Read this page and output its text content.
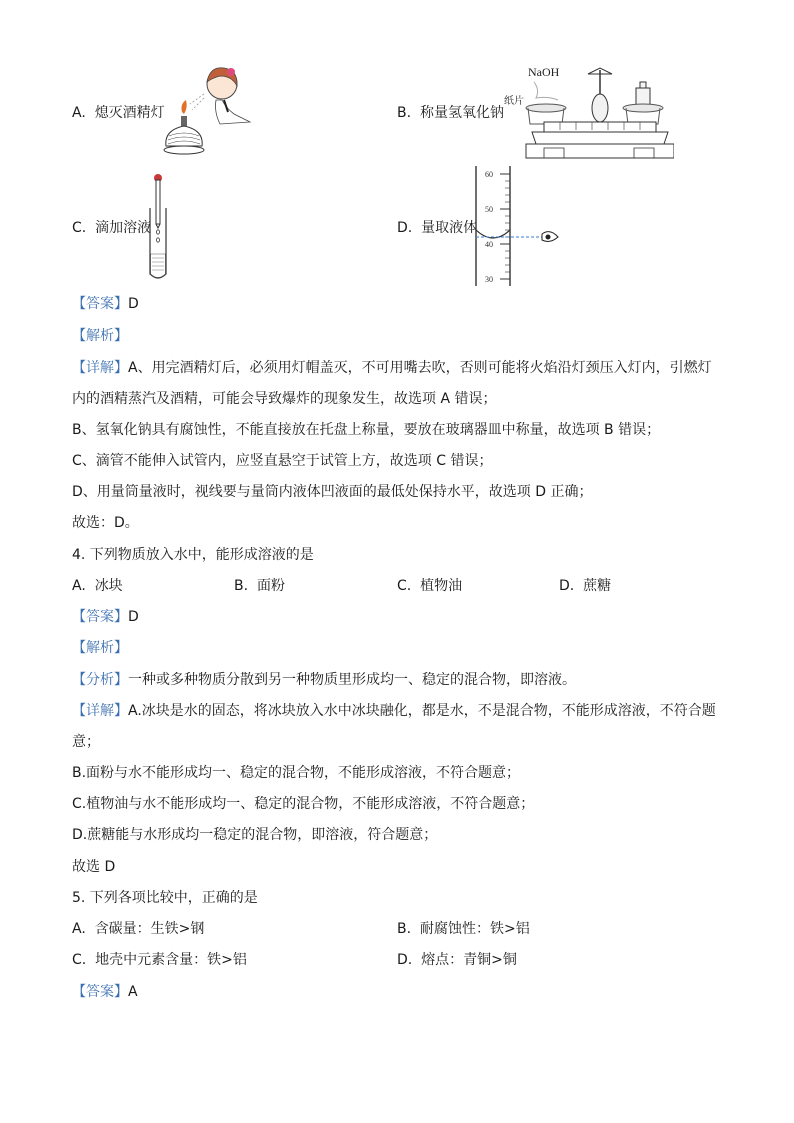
A. 熄灭酒精灯	B. 称量氢氧化钠
NaOH
纸片
C. 滴加溶液	D. 量取液体
60
50
40
30
【答案】D
【解析】
【详解】A、用完酒精灯后，必须用灯帽盖灭，不可用嘴去吹，否则可能将火焰沿灯颈压入灯内，引燃灯
内的酒精蒸汽及酒精，可能会导致爆炸的现象发生，故选项 A 错误；
B、氢氧化钠具有腐蚀性，不能直接放在托盘上称量，要放在玻璃器皿中称量，故选项 B 错误；
C、滴管不能伸入试管内，应竖直悬空于试管上方，故选项 C 错误；
D、用量筒量液时，视线要与量筒内液体凹液面的最低处保持水平，故选项 D 正确；
故选：D。
4. 下列物质放入水中，能形成溶液的是
A. 冰块	B. 面粉	C. 植物油	D. 蔗糖
【答案】D
【解析】
【分析】一种或多种物质分散到另一种物质里形成均一、稳定的混合物，即溶液。
【详解】A.冰块是水的固态，将冰块放入水中冰块融化，都是水，不是混合物，不能形成溶液，不符合题
意；
B.面粉与水不能形成均一、稳定的混合物，不能形成溶液，不符合题意；
C.植物油与水不能形成均一、稳定的混合物，不能形成溶液，不符合题意；
D.蔗糖能与水形成均一稳定的混合物，即溶液，符合题意；
故选 D
5. 下列各项比较中，正确的是
A. 含碳量：生铁>钢	B. 耐腐蚀性：铁>铝
C. 地壳中元素含量：铁>铝	D. 熔点：青铜>铜
【答案】A
